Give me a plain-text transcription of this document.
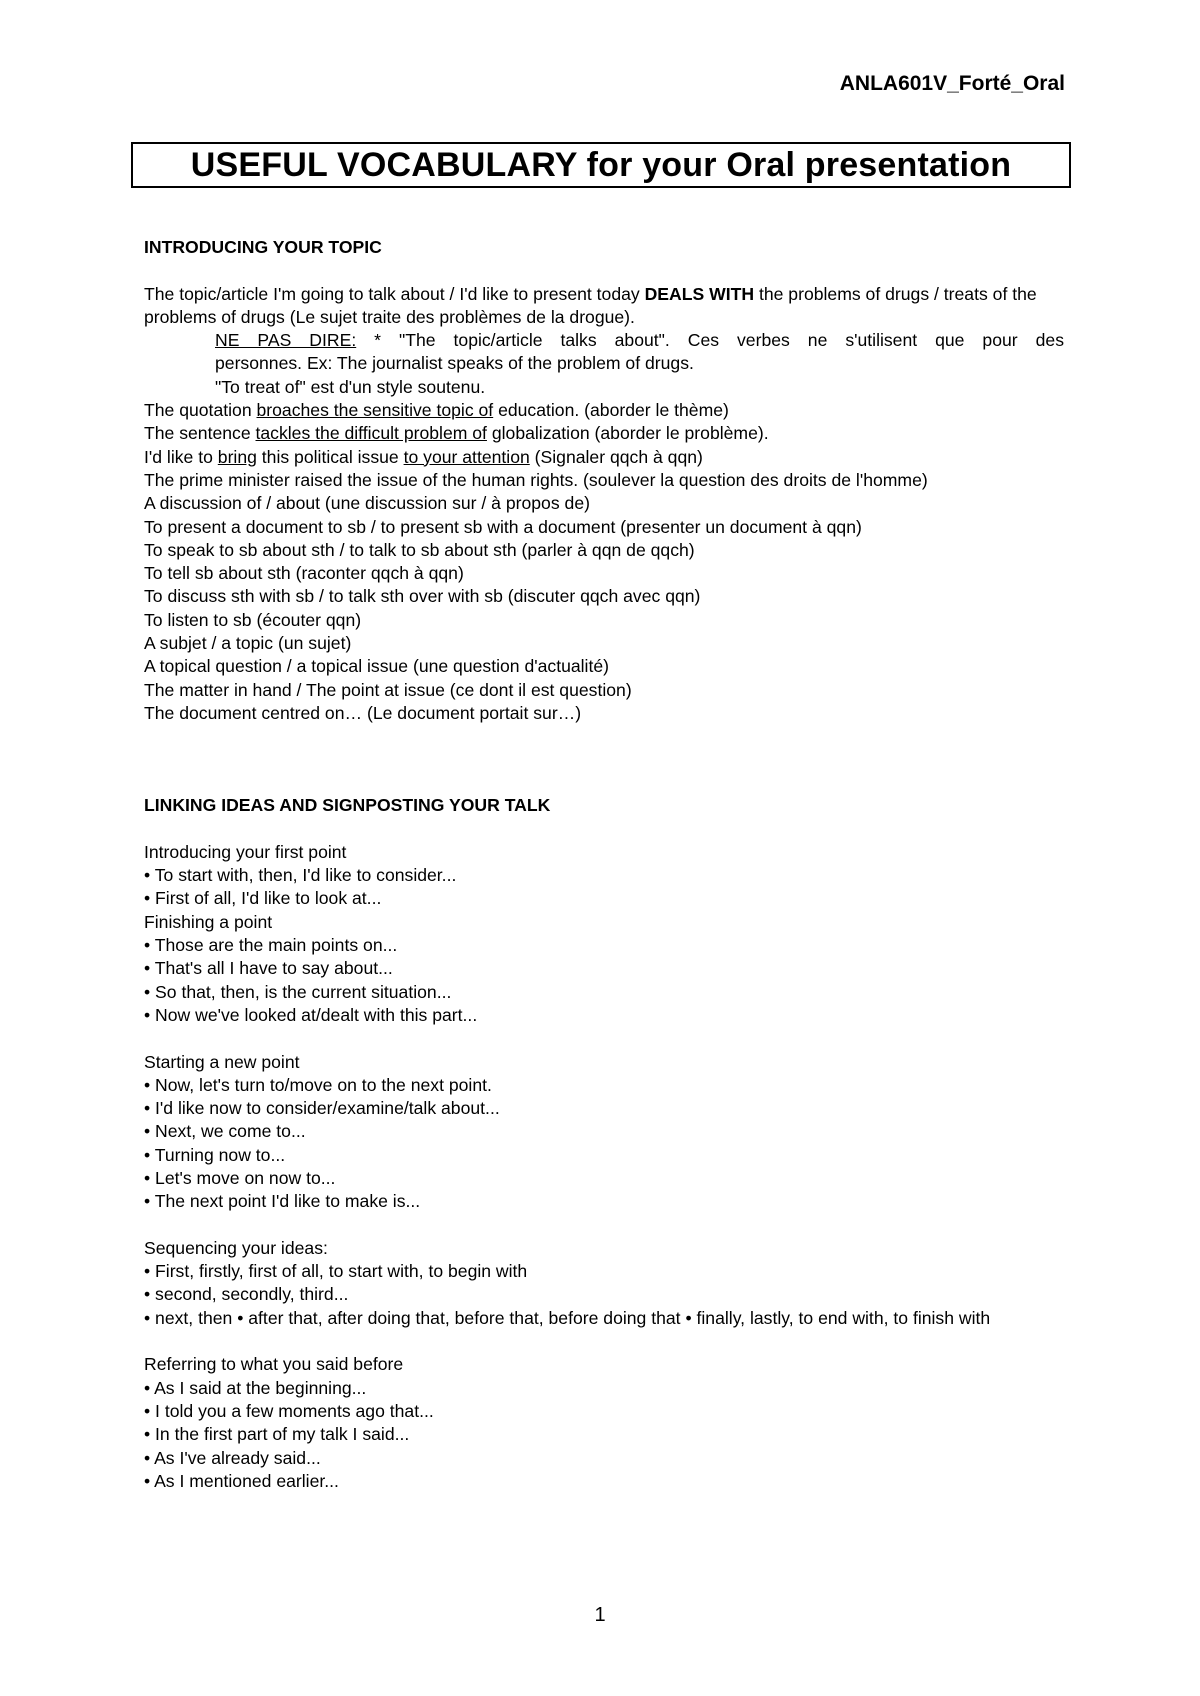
ANLA601V_Forté_Oral
USEFUL VOCABULARY for your Oral presentation
INTRODUCING YOUR TOPIC
The topic/article I'm going to talk about / I'd like to present today DEALS WITH the problems of drugs / treats of the problems of drugs (Le sujet traite des problèmes de la drogue).
NE PAS DIRE: * "The topic/article talks about". Ces verbes ne s'utilisent que pour des
personnes. Ex: The journalist speaks of the problem of drugs.
"To treat of" est d'un style soutenu.
The quotation broaches the sensitive topic of education. (aborder le thème)
The sentence tackles the difficult problem of globalization (aborder le problème).
I'd like to bring this political issue to your attention (Signaler qqch à qqn)
The prime minister raised the issue of the human rights. (soulever la question des droits de l'homme)
A discussion of / about (une discussion sur / à propos de)
To present a document to sb / to present sb with a document (presenter un document à qqn)
To speak to sb about sth / to talk to sb about sth (parler à qqn de qqch)
To tell sb about sth (raconter qqch à qqn)
To discuss sth with sb / to talk sth over with sb (discuter qqch avec qqn)
To listen to sb (écouter qqn)
A subjet / a topic (un sujet)
A topical question / a topical issue (une question d'actualité)
The matter in hand / The point at issue (ce dont il est question)
The document centred on… (Le document portait sur…)
LINKING IDEAS AND SIGNPOSTING YOUR TALK
Introducing your first point
• To start with, then, I'd like to consider...
• First of all, I'd like to look at...
Finishing a point
• Those are the main points on...
• That's all I have to say about...
• So that, then, is the current situation...
• Now we've looked at/dealt with this part...
Starting a new point
• Now, let's turn to/move on to the next point.
• I'd like now to consider/examine/talk about...
• Next, we come to...
• Turning now to...
• Let's move on now to...
• The next point I'd like to make is...
Sequencing your ideas:
• First, firstly, first of all, to start with, to begin with
• second, secondly, third...
• next, then • after that, after doing that, before that, before doing that • finally, lastly, to end with, to finish with
Referring to what you said before
• As I said at the beginning...
• I told you a few moments ago that...
• In the first part of my talk I said...
• As I've already said...
• As I mentioned earlier...
1
